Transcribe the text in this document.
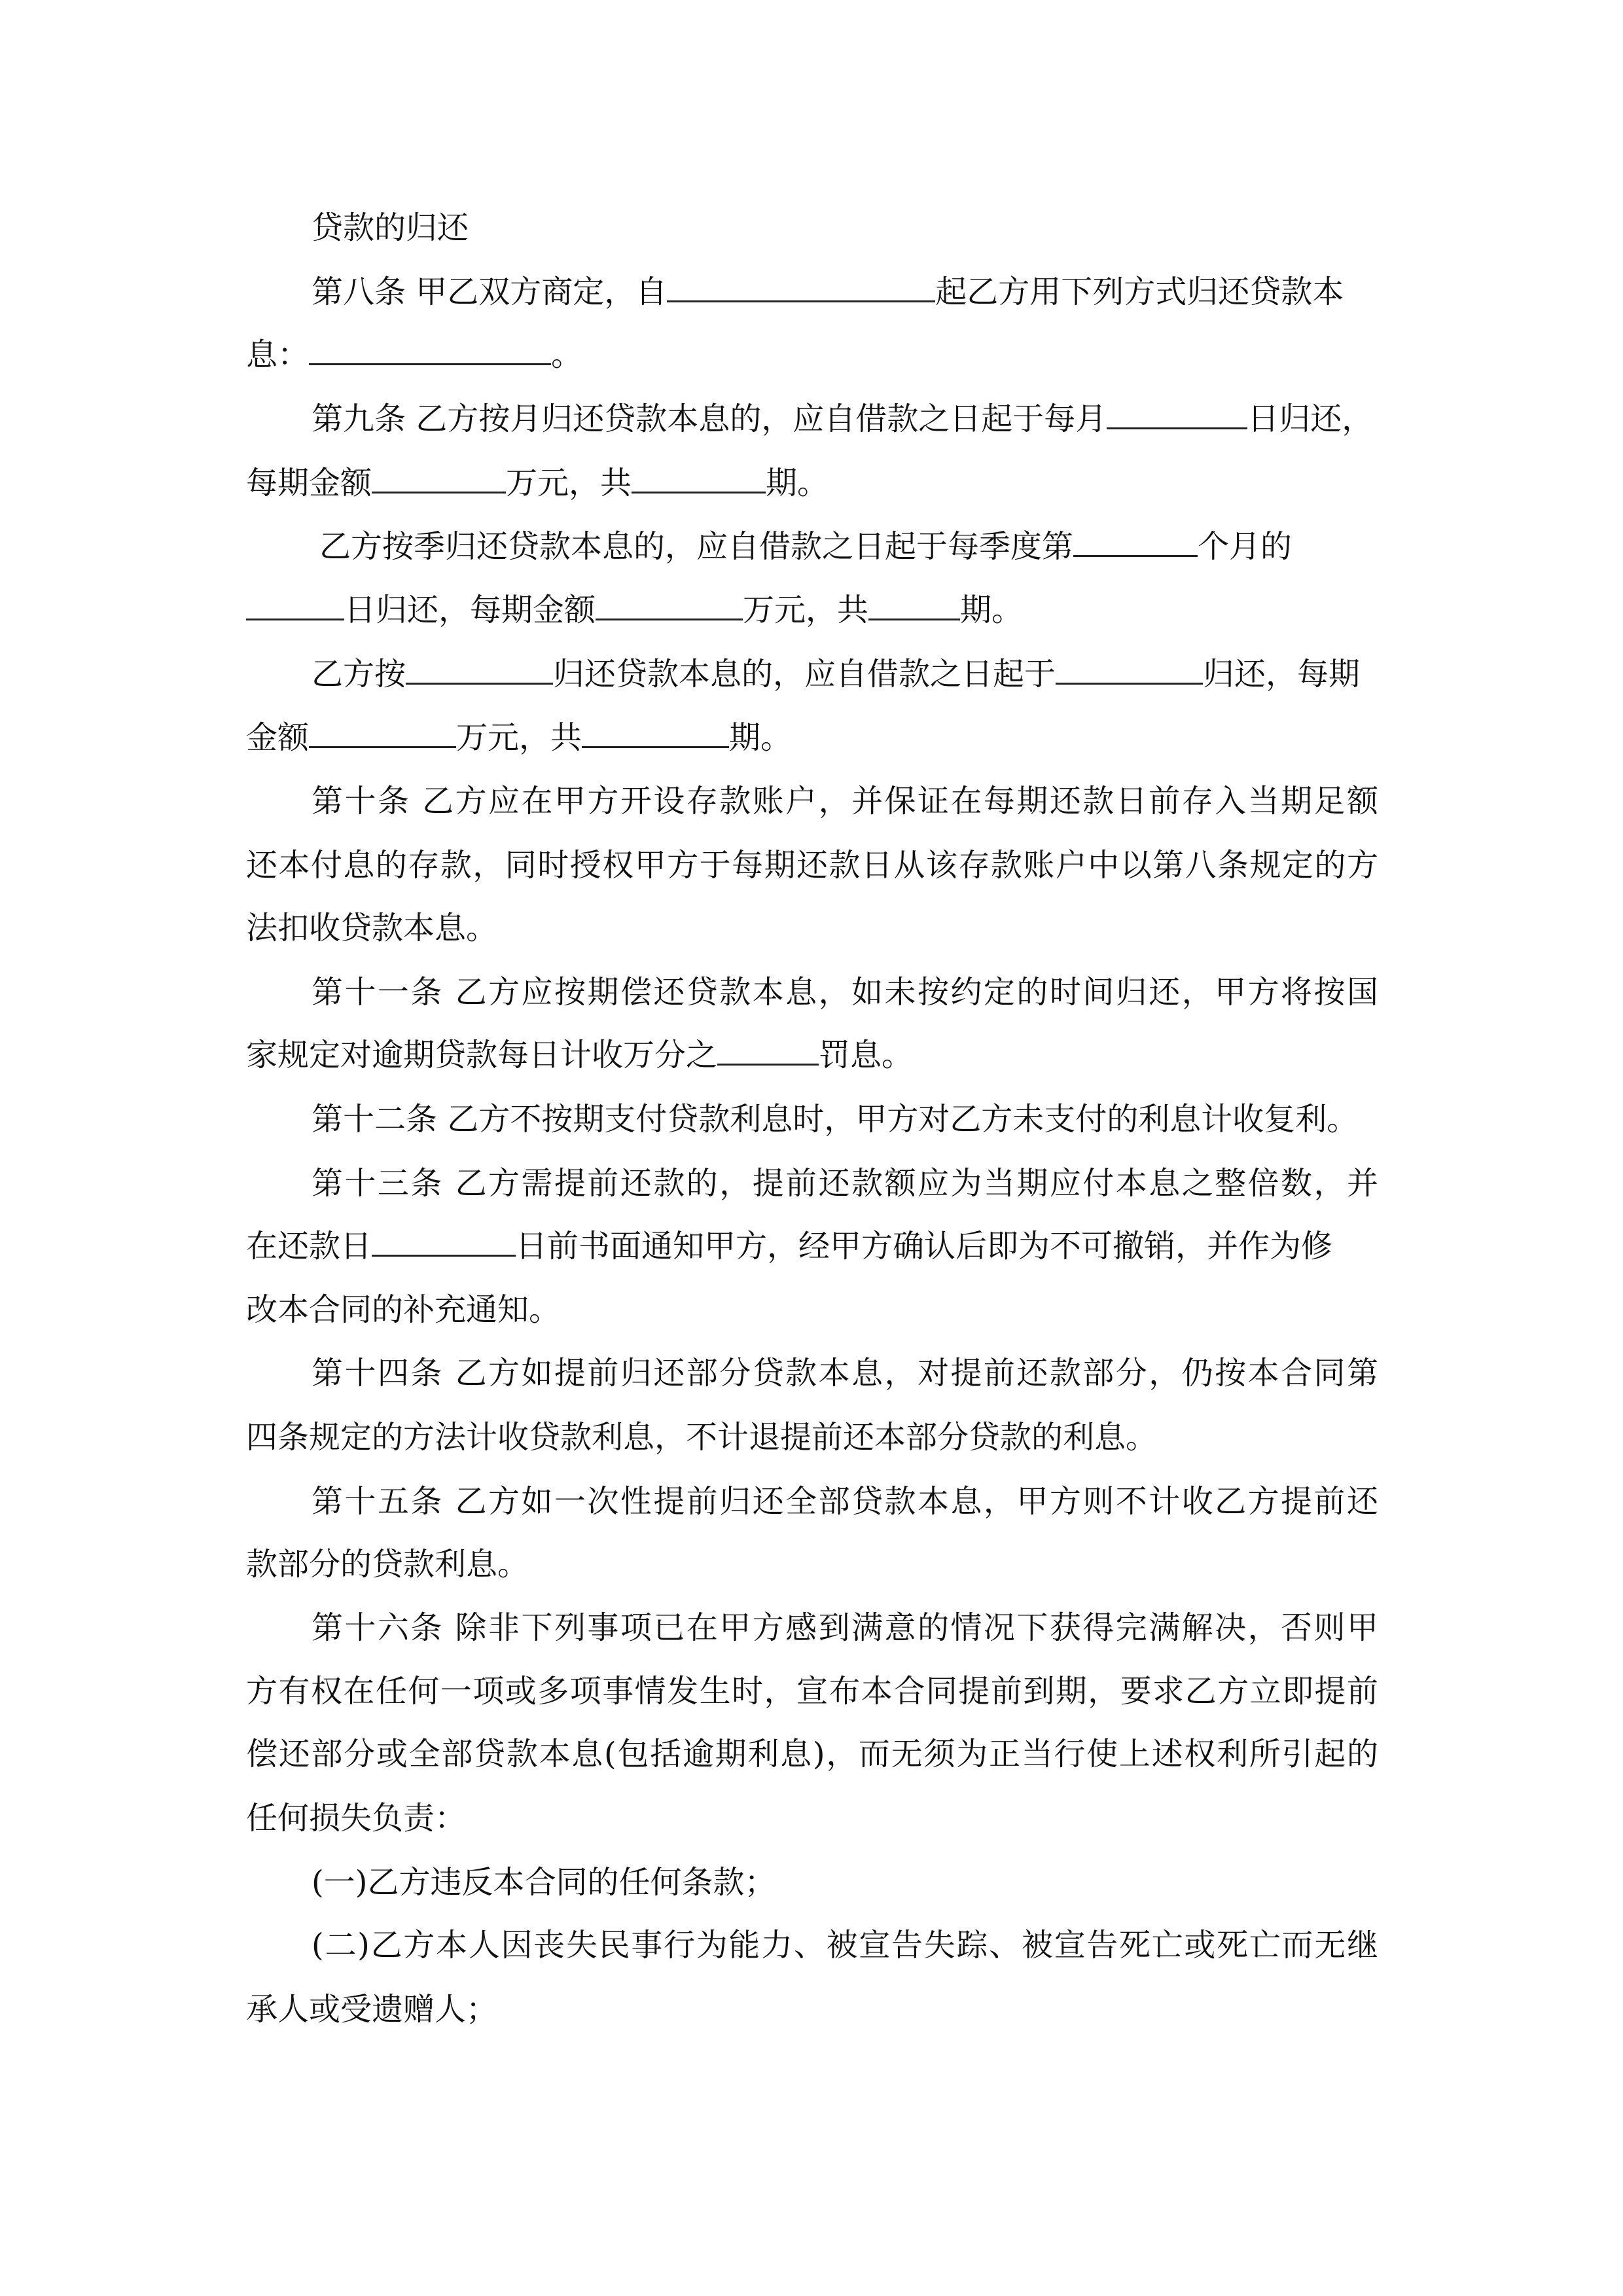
贷款的归还
第八条 甲乙双方商定，自	起乙方用下列方式归还贷款本
息：	。
第九条 乙方按月归还贷款本息的，应自借款之日起于每月	日归还，
每期金额	万元，共	期。
乙方按季归还贷款本息的，应自借款之日起于每季度第	个月的
日归还，每期金额	万元，共	期。
乙方按	归还贷款本息的，应自借款之日起于	归还，每期
金额	万元，共	期。
第十条 乙方应在甲方开设存款账户，并保证在每期还款日前存入当期足额
还本付息的存款，同时授权甲方于每期还款日从该存款账户中以第八条规定的方
法扣收贷款本息。
第十一条 乙方应按期偿还贷款本息，如未按约定的时间归还，甲方将按国
家规定对逾期贷款每日计收万分之	罚息。
第十二条 乙方不按期支付贷款利息时，甲方对乙方未支付的利息计收复利。
第十三条 乙方需提前还款的，提前还款额应为当期应付本息之整倍数，并
在还款日	日前书面通知甲方，经甲方确认后即为不可撤销，并作为修
改本合同的补充通知。
第十四条 乙方如提前归还部分贷款本息，对提前还款部分，仍按本合同第
四条规定的方法计收贷款利息，不计退提前还本部分贷款的利息。
第十五条 乙方如一次性提前归还全部贷款本息，甲方则不计收乙方提前还
款部分的贷款利息。
第十六条 除非下列事项已在甲方感到满意的情况下获得完满解决，否则甲
方有权在任何一项或多项事情发生时，宣布本合同提前到期，要求乙方立即提前
偿还部分或全部贷款本息(包括逾期利息)，而无须为正当行使上述权利所引起的
任何损失负责：
(一)乙方违反本合同的任何条款；
(二)乙方本人因丧失民事行为能力、被宣告失踪、被宣告死亡或死亡而无继
承人或受遗赠人；
